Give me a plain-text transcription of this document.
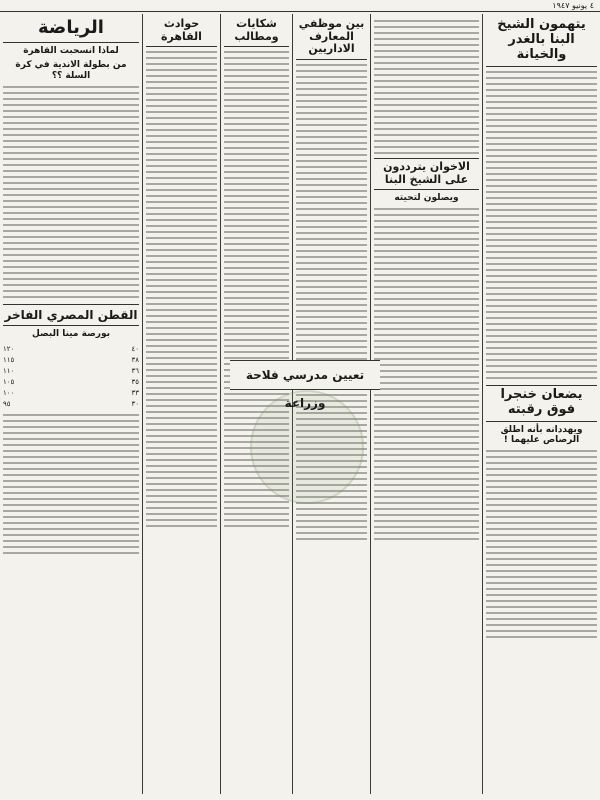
٤ يونيو ١٩٤٧
يتهمون الشيخ البنا بالغدر والخيانة
يضعان خنجرا فوق رقبته
ويهددانه بأنه اطلق الرصاص عليهما !
الاخوان يترددون على الشيخ البنا
ويصلون لتحيته
بين موظفي المعارف الاداريين
شكايات ومطالب
حوادث القاهرة
الرياضة
لماذا انسحبت القاهرة
من بطولة الاندية في كرة السلة ؟؟
القطن المصري الفاخر
بورصة مينا البصل
٤٠
١٢٠
٣٨
١١٥
٣٦
١١٠
٣٥
١٠٥
٣٣
١٠٠
٣٠
٩٥
تعيين مدرسي فلاحة وزراعة
